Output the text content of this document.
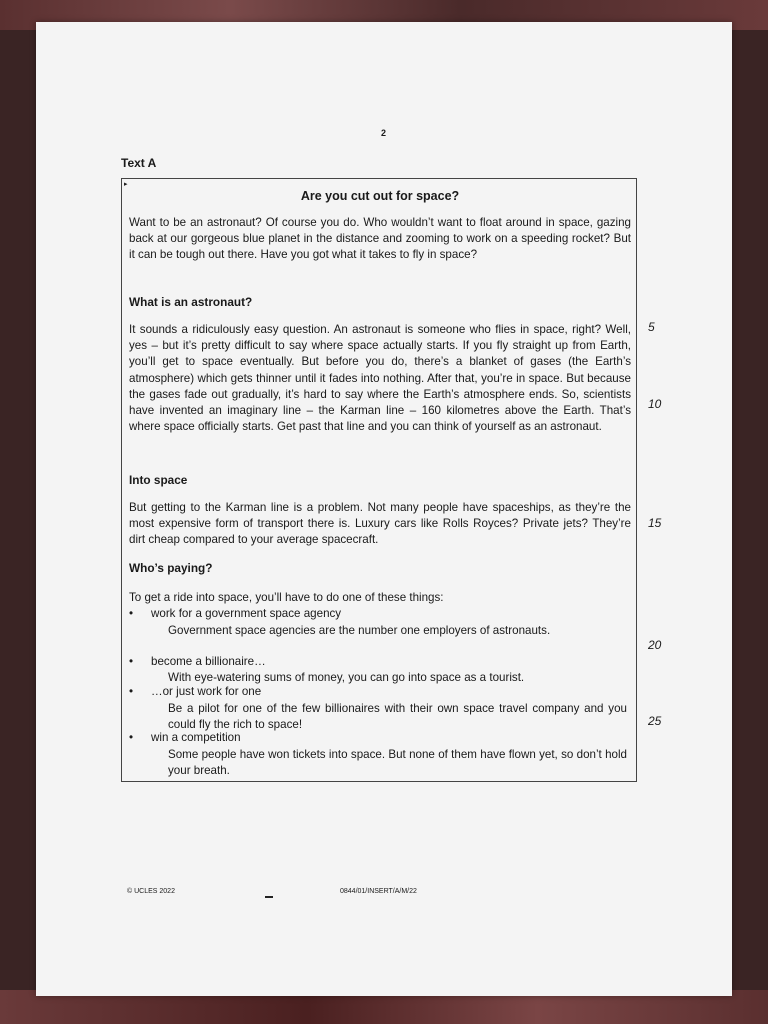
2
Text A
▸
Are you cut out for space?

Want to be an astronaut? Of course you do. Who wouldn’t want to float around in space, gazing back at our gorgeous blue planet in the distance and zooming to work on a speeding rocket? But it can be tough out there. Have you got what it takes to fly in space?

What is an astronaut?

It sounds a ridiculously easy question. An astronaut is someone who flies in space, right? Well, yes – but it’s pretty difficult to say where space actually starts. If you fly straight up from Earth, you’ll get to space eventually. But before you do, there’s a blanket of gases (the Earth’s atmosphere) which gets thinner until it fades into nothing. After that, you’re in space. But because the gases fade out gradually, it’s hard to say where the Earth’s atmosphere ends. So, scientists have invented an imaginary line – the Karman line – 160 kilometres above the Earth. That’s where space officially starts. Get past that line and you can think of yourself as an astronaut.

Into space

But getting to the Karman line is a problem. Not many people have spaceships, as they’re the most expensive form of transport there is. Luxury cars like Rolls Royces? Private jets? They’re dirt cheap compared to your average spacecraft.

Who’s paying?

To get a ride into space, you’ll have to do one of these things:

• work for a government space agency

Government space agencies are the number one employers of astronauts.

• become a billionaire…

With eye-watering sums of money, you can go into space as a tourist.

• …or just work for one

Be a pilot for one of the few billionaires with their own space travel company and you could fly the rich to space!

• win a competition

Some people have won tickets into space. But none of them have flown yet, so don’t hold your breath.

5
10
15
20
25
© UCLES 2022	0844/01/INSERT/A/M/22
